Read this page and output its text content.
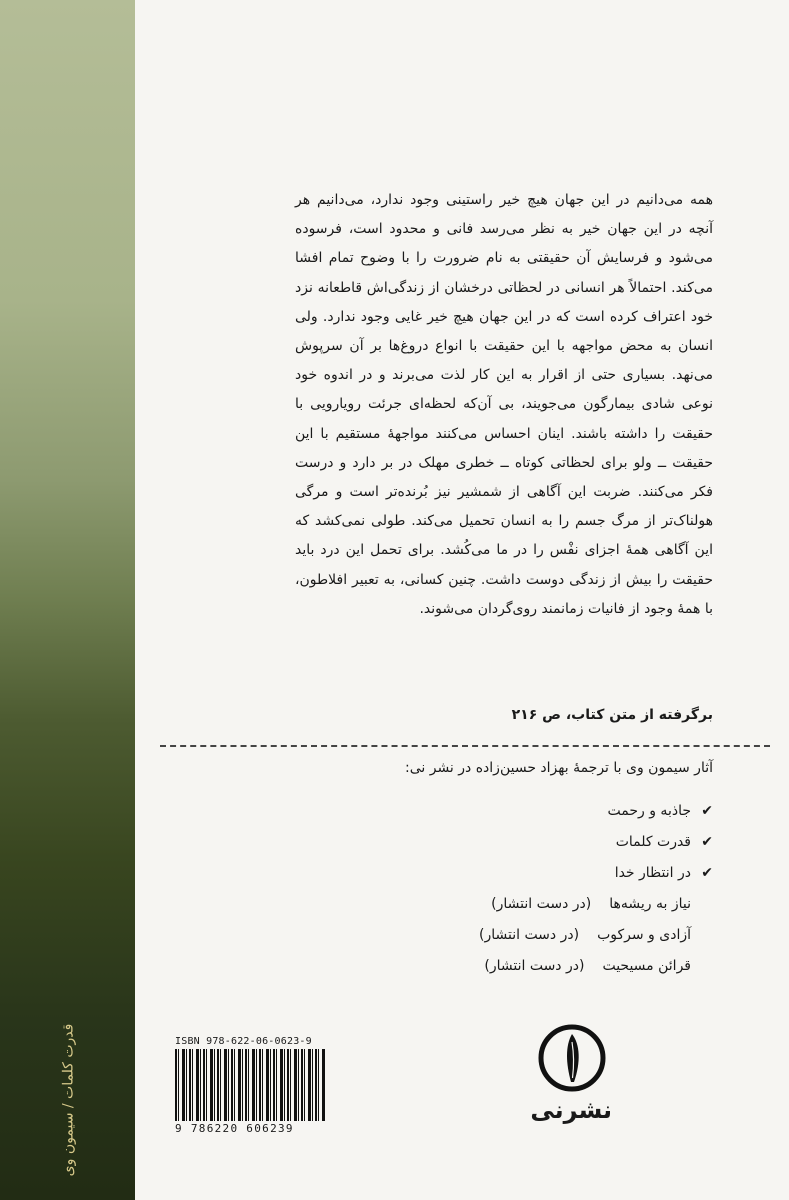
قدرت کلمات / سیمون وی

همه می‌دانیم در این جهان هیچ خیر راستینی وجود ندارد، می‌دانیم هر آنچه در این جهان خیر به نظر می‌رسد فانی و محدود است، فرسوده می‌شود و فرسایش آن حقیقتی به نام ضرورت را با وضوح تمام افشا می‌کند. احتمالاً هر انسانی در لحظاتی درخشان از زندگی‌اش قاطعانه نزد خود اعتراف کرده است که در این جهان هیچ خیر غایی وجود ندارد. ولی انسان به محض مواجهه با این حقیقت با انواع دروغ‌ها بر آن سرپوش می‌نهد. بسیاری حتی از اقرار به این کار لذت می‌برند و در اندوه خود نوعی شادی بیمارگون می‌جویند، بی آن‌که لحظه‌ای جرئت رویارویی با حقیقت را داشته باشند. اینان احساس می‌کنند مواجههٔ مستقیم با این حقیقت ــ ولو برای لحظاتی کوتاه ــ خطری مهلک در بر دارد و درست فکر می‌کنند. ضربت این آگاهی از شمشیر نیز بُرنده‌تر است و مرگی هولناک‌تر از مرگ جسم را به انسان تحمیل می‌کند. طولی نمی‌کشد که این آگاهی همهٔ اجزای نفْس را در ما می‌کُشد. برای تحمل این درد باید حقیقت را بیش از زندگی دوست داشت. چنین کسانی، به تعبیر افلاطون، با همهٔ وجود از فانیات زمانمند روی‌گردان می‌شوند.

برگرفته از متن کتاب، ص ۲۱۶
آثار سیمون وی با ترجمهٔ بهزاد حسین‌زاده در نشر نی:
✔جاذبه و رحمت
✔قدرت کلمات
✔در انتظار خدا
نیاز به ریشه‌ها(در دست انتشار)
آزادی و سرکوب(در دست انتشار)
قرائن مسیحیت(در دست انتشار)
ISBN 978-622-06-0623-9
9 786220 606239
نشرنی
